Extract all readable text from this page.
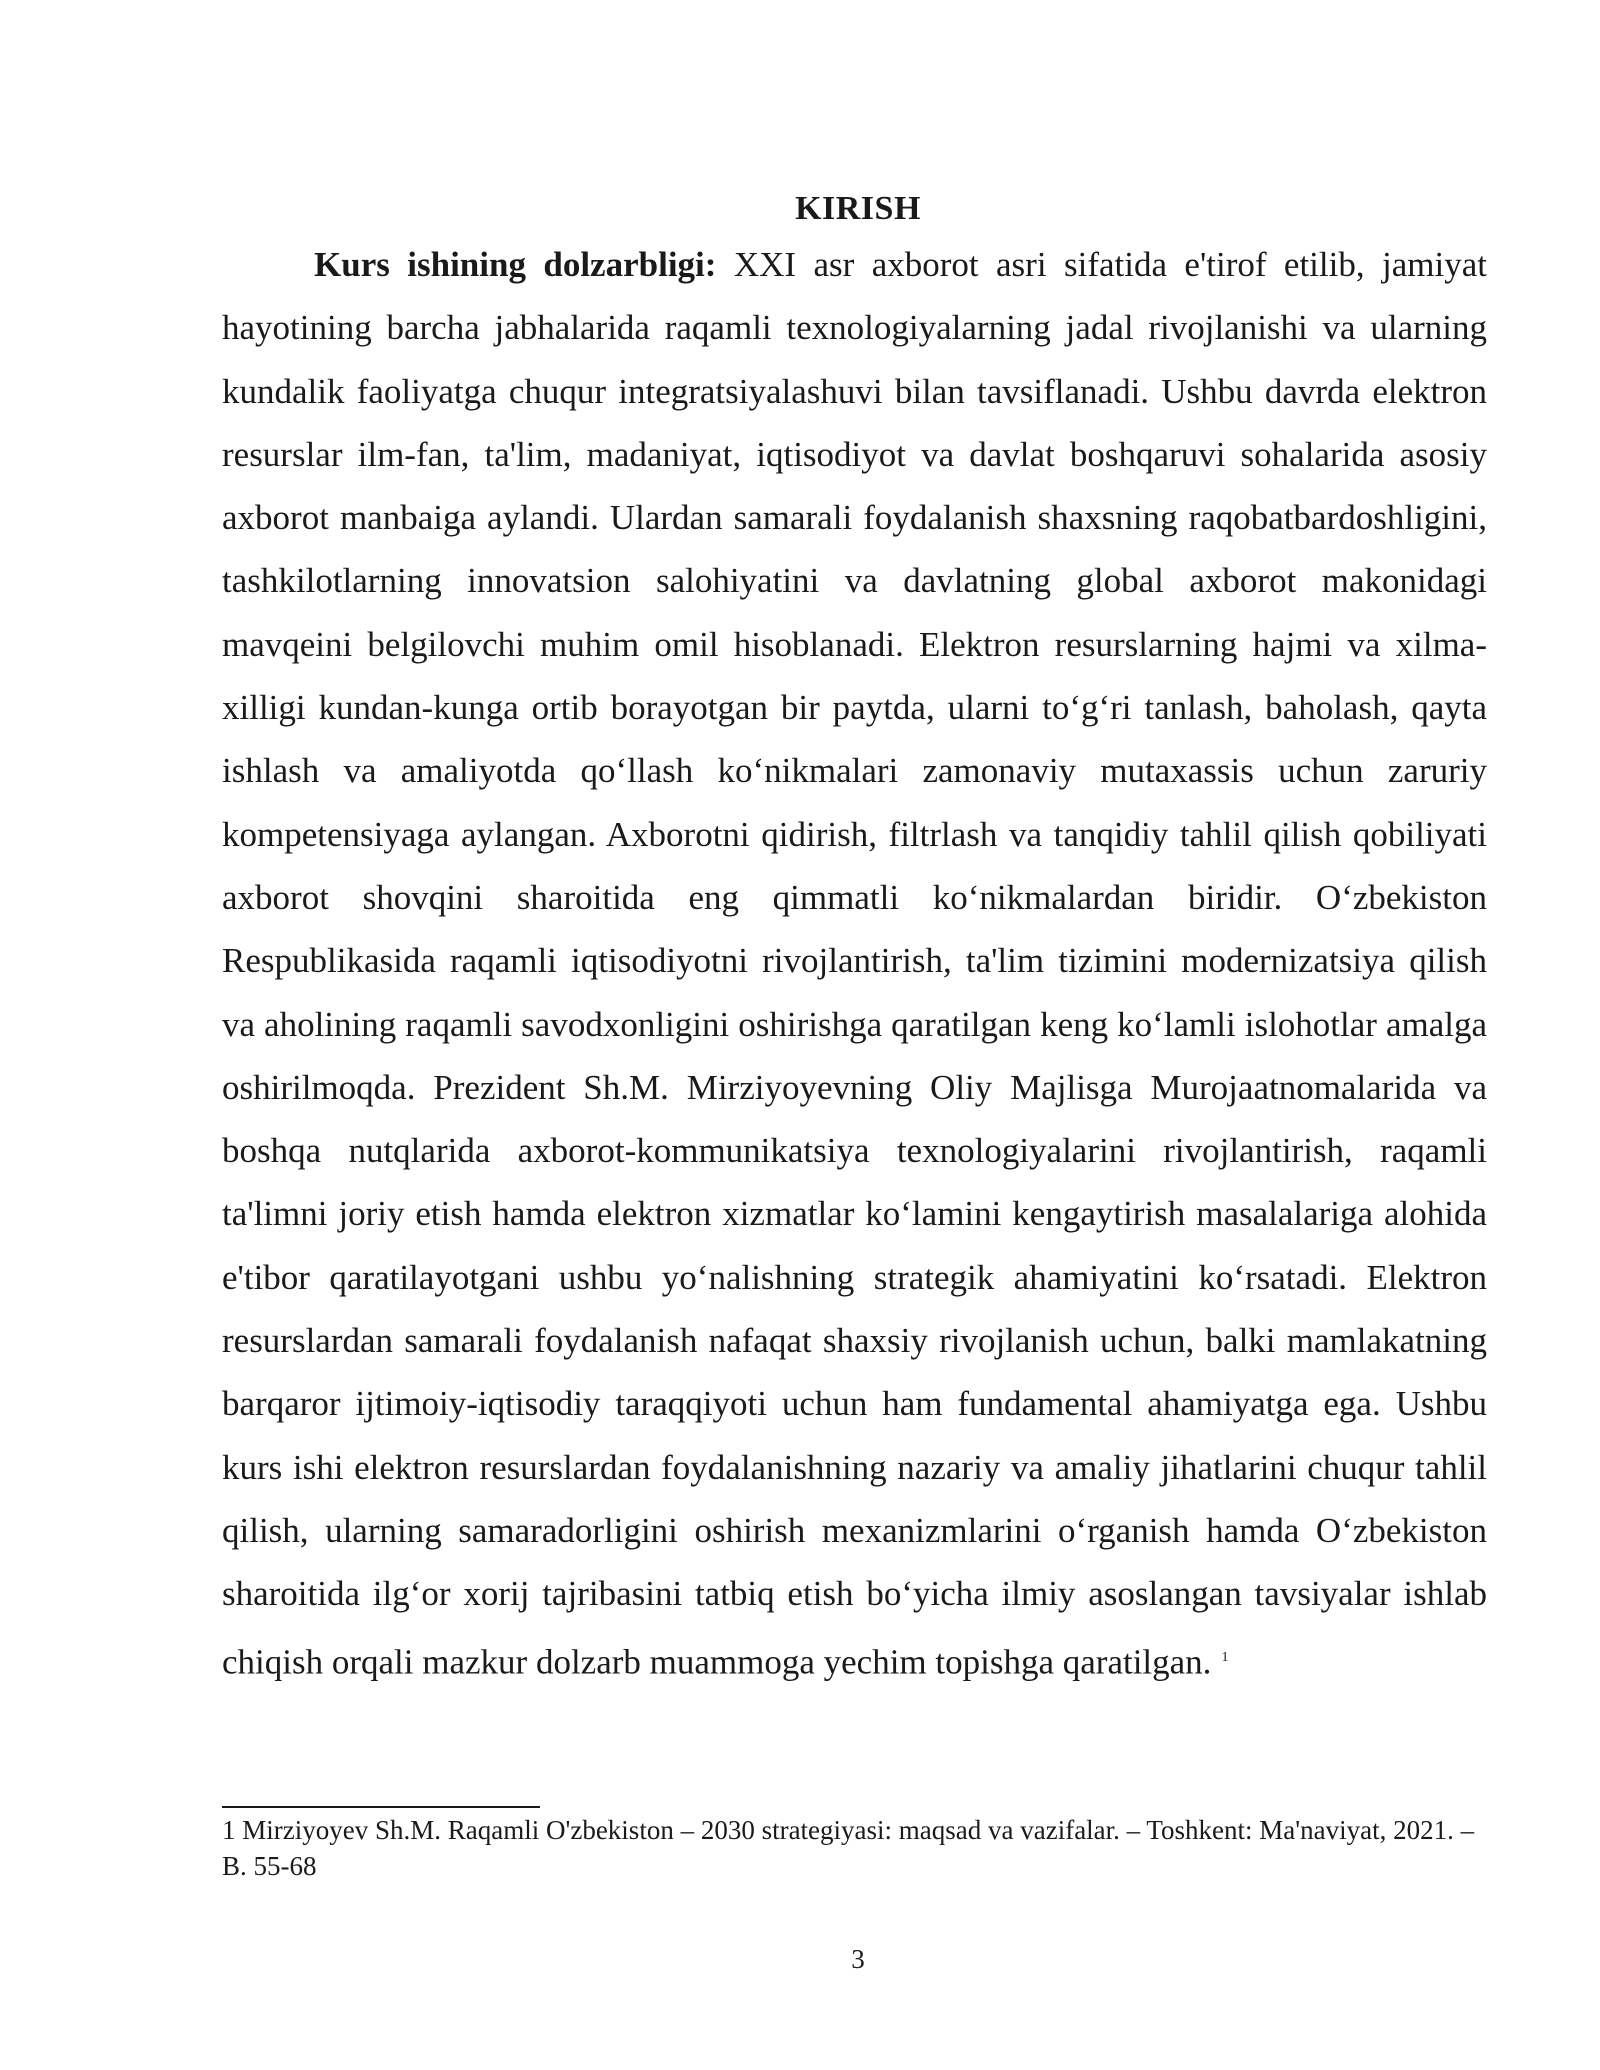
KIRISH

Kurs ishining dolzarbligi: XXI asr axborot asri sifatida e'tirof etilib, jamiyat hayotining barcha jabhalarida raqamli texnologiyalarning jadal rivojlanishi va ularning kundalik faoliyatga chuqur integratsiyalashuvi bilan tavsiflanadi. Ushbu davrda elektron resurslar ilm-fan, ta'lim, madaniyat, iqtisodiyot va davlat boshqaruvi sohalarida asosiy axborot manbaiga aylandi. Ulardan samarali foydalanish shaxsning raqobatbardoshligini, tashkilotlarning innovatsion salohiyatini va davlatning global axborot makonidagi mavqeini belgilovchi muhim omil hisoblanadi. Elektron resurslarning hajmi va xilma-xilligi kundan-kunga ortib borayotgan bir paytda, ularni to‘g‘ri tanlash, baholash, qayta ishlash va amaliyotda qo‘llash ko‘nikmalari zamonaviy mutaxassis uchun zaruriy kompetensiyaga aylangan. Axborotni qidirish, filtrlash va tanqidiy tahlil qilish qobiliyati axborot shovqini sharoitida eng qimmatli ko‘nikmalardan biridir. O‘zbekiston Respublikasida raqamli iqtisodiyotni rivojlantirish, ta'lim tizimini modernizatsiya qilish va aholining raqamli savodxonligini oshirishga qaratilgan keng ko‘lamli islohotlar amalga oshirilmoqda. Prezident Sh.M. Mirziyoyevning Oliy Majlisga Murojaatnomalarida va boshqa nutqlarida axborot-kommunikatsiya texnologiyalarini rivojlantirish, raqamli ta'limni joriy etish hamda elektron xizmatlar ko‘lamini kengaytirish masalalariga alohida e'tibor qaratilayotgani ushbu yo‘nalishning strategik ahamiyatini ko‘rsatadi. Elektron resurslardan samarali foydalanish nafaqat shaxsiy rivojlanish uchun, balki mamlakatning barqaror ijtimoiy-iqtisodiy taraqqiyoti uchun ham fundamental ahamiyatga ega. Ushbu kurs ishi elektron resurslardan foydalanishning nazariy va amaliy jihatlarini chuqur tahlil qilish, ularning samaradorligini oshirish mexanizmlarini o‘rganish hamda O‘zbekiston sharoitida ilg‘or xorij tajribasini tatbiq etish bo‘yicha ilmiy asoslangan tavsiyalar ishlab chiqish orqali mazkur dolzarb muammoga yechim topishga qaratilgan. $^1$

1 Mirziyoyev Sh.M. Raqamli O'zbekiston – 2030 strategiyasi: maqsad va vazifalar. – Toshkent: Ma'naviyat, 2021. – B. 55-68

3
